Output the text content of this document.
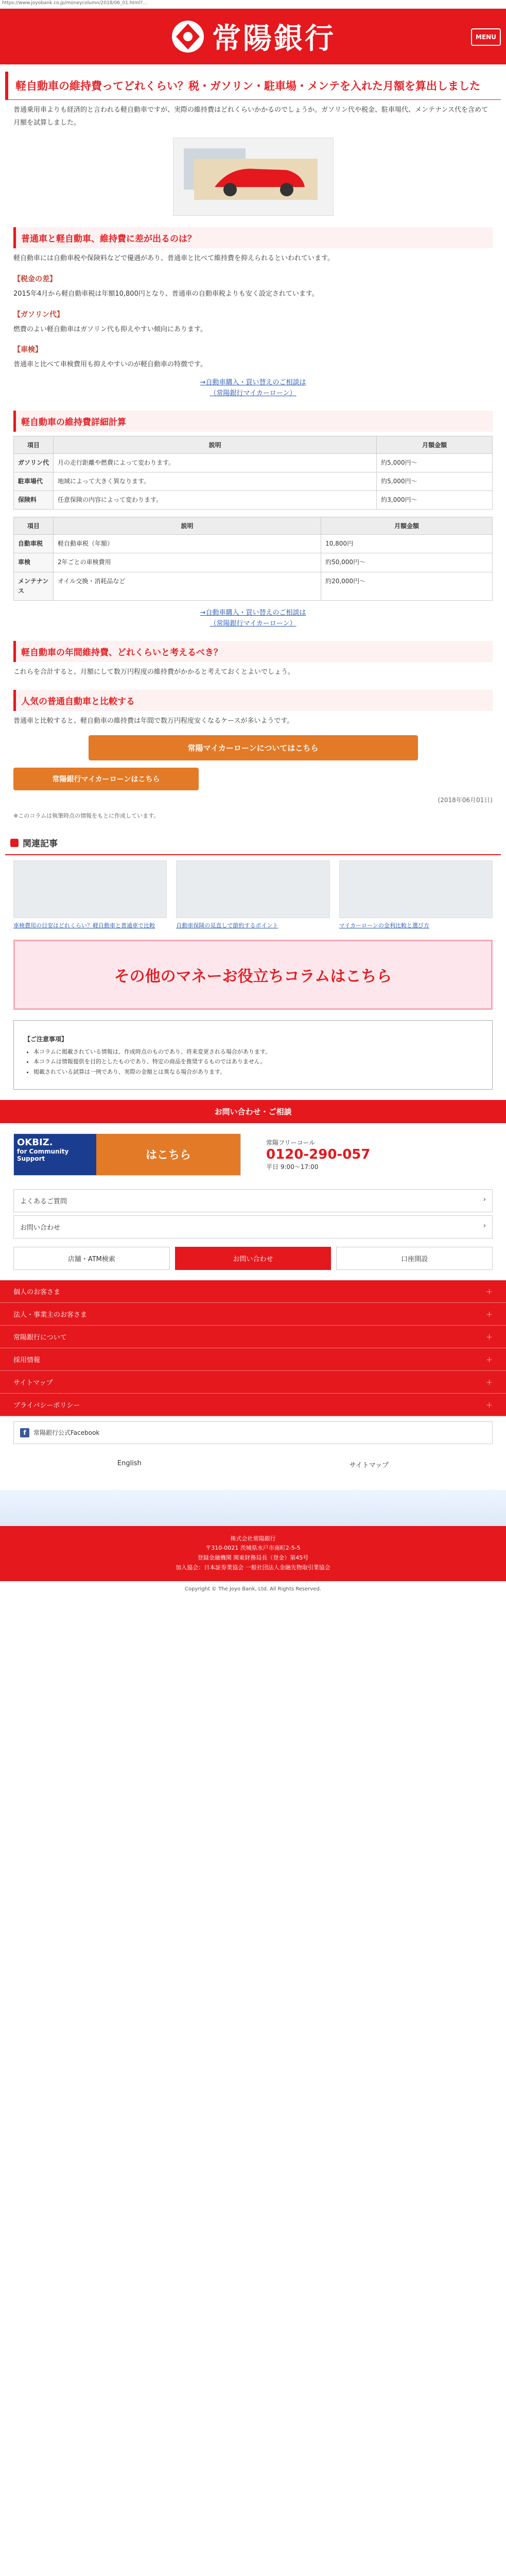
https://www.joyobank.co.jp/moneycolumn/2018/06_01.html?...
常陽銀行	MENU
軽自動車の維持費ってどれくらい？税・ガソリン・駐車場・メンテを入れた月額を算出しました

普通乗用車よりも経済的と言われる軽自動車ですが、実際の維持費はどれくらいかかるのでしょうか。ガソリン代や税金、駐車場代、メンテナンス代を含めて月額を試算しました。

普通車と軽自動車、維持費に差が出るのは？

軽自動車には自動車税や保険料などで優遇があり、普通車と比べて維持費を抑えられるといわれています。

【税金の差】

2015年4月から軽自動車税は年額10,800円となり、普通車の自動車税よりも安く設定されています。

【ガソリン代】

燃費のよい軽自動車はガソリン代も抑えやすい傾向にあります。

【車検】

普通車と比べて車検費用も抑えやすいのが軽自動車の特徴です。

→自動車購入・買い替えのご相談は
（常陽銀行マイカーローン）
軽自動車の維持費詳細計算
項目	説明	月額金額
ガソリン代	月の走行距離や燃費によって変わります。	約5,000円〜
駐車場代	地域によって大きく異なります。	約5,000円〜
保険料	任意保険の内容によって変わります。	約3,000円〜
項目	説明	月額金額
自動車税	軽自動車税（年額）	10,800円
車検	2年ごとの車検費用	約50,000円〜
メンテナンス	オイル交換・消耗品など	約20,000円〜
→自動車購入・買い替えのご相談は
（常陽銀行マイカーローン）
軽自動車の年間維持費、どれくらいと考えるべき？

これらを合計すると、月額にして数万円程度の維持費がかかると考えておくとよいでしょう。

人気の普通自動車と比較する

普通車と比較すると、軽自動車の維持費は年間で数万円程度安くなるケースが多いようです。

常陽マイカーローンについてはこちら
常陽銀行マイカーローンはこちら
(2018年06月01日)
※このコラムは執筆時点の情報をもとに作成しています。
関連記事
車検費用の目安はどれくらい？軽自動車と普通車で比較	自動車保険の見直しで節約するポイント	マイカーローンの金利比較と選び方
その他のマネーお役立ちコラムはこちら
【ご注意事項】
• 本コラムに掲載されている情報は、作成時点のものであり、将来変更される場合があります。
• 本コラムは情報提供を目的としたものであり、特定の商品を推奨するものではありません。
• 掲載されている試算は一例であり、実際の金額とは異なる場合があります。
お問い合わせ・ご相談
OKBIZ.
for Community Support	はこちら
常陽フリーコール
0120-290-057
平日 9:00〜17:00
よくあるご質問	›
お問い合わせ	›
店舗・ATM検索	お問い合わせ	口座開設
個人のお客さま	＋
法人・事業主のお客さま	＋
常陽銀行について	＋
採用情報	＋
サイトマップ	＋
プライバシーポリシー	＋
f	常陽銀行公式Facebook
English	サイトマップ
株式会社常陽銀行
〒310-0021 茨城県水戸市南町2-5-5
登録金融機関 関東財務局長（登金）第45号
加入協会：日本証券業協会 一般社団法人金融先物取引業協会
Copyright © The Joyo Bank, Ltd. All Rights Reserved.
